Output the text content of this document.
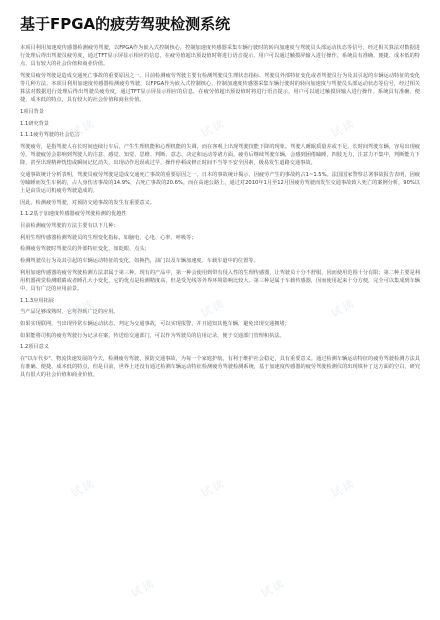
基于FPGA的疲劳驾驶检测系统

本项目利用加速度传感器检测疲劳驾驶，以FPGA作为嵌入式控制核心，控制加速度传感器采集车辆行驶时的转向加速度与驾驶员头部运动状态等信号，经过相关算法对数据进行处理后得出驾驶员疲劳度，通过TFT显示屏显示相应的信息，在疲劳值超出预设值时将进行语音提示，用户可以通过触摸屏输入进行操作。系统具有准确、便捷、成本低的特点，具有较大的社会价值和商业价值。

驾驶员疲劳驾驶是造成交通死亡事故的重要原因之一。目前检测疲劳驾驶主要有检测驾驶员生理状态指标、驾驶员外部特征变化或者驾驶员行为及其引起的车辆运动特征的变化等几种方法。本项目利用加速度传感器检测疲劳驾驶，以FPGA作为嵌入式控制核心，控制加速度传感器采集车辆行驶时的转向加速度与驾驶员头部运动状态等信号，经过相关算法对数据进行处理后得出驾驶员疲劳度，通过TFT显示屏显示相应的信息，在疲劳值超出预设值时将进行语音提示，用户可以通过触摸屏输入进行操作。系统具有准确、便捷、成本低的特点，具有较大的社会价值和商业价值。

1项目背景

1.1研究背景

1.1.1疲劳驾驶的社会危害

驾驶疲劳，是指驾驶人在长时间连续行车后，产生生理机能和心理机能的失调，而在客观上出现驾驶技能下降的现象。驾驶人睡眠质量差或不足，长时间驾驶车辆，容易出现疲劳。驾驶疲劳会影响到驾驶人的注意、感觉、知觉、思维、判断、意志、决定和运动等诸方面。疲劳后继续驾驶车辆，会感到困倦瞌睡，四肢无力，注意力不集中，判断能力下降，甚至出现精神恍惚或瞬间记忆消失，出现动作迟误或过早，操作停顿或修正时间不当等不安全因素，极易发生道路交通事故。

交通事故统计分析表明，驾驶员疲劳驾驶是造成交通死亡事故的重要原因之一。日本的事故统计揭示，因疲劳产生的事故约占1~1.5%。法国国家警察总署事故报告表明，因疲劳瞌睡而发生车祸的，占人身伤害事故的14.9%，占死亡事故的20.6%。而在高速公路上，通过对2010年1月至12月因疲劳驾驶而发生交通事故致人死亡的案例分析，90%以上是由货运司机疲劳驾驶造成的。

因此，检测疲劳驾驶，对预防交通事故的发生有重要意义。

1.1.2基于加速度传感器疲劳驾驶检测的优越性

目前检测疲劳驾驶的方法主要有以下几种：

利用生理传感器检测驾驶员的生理变化指标，如脑电、心电、心率、呼吸等；

检测疲劳驾驶时驾驶员的外部特征变化，如眨眼、点头；

检测驾驶员行为及其引起的车辆运动特征的变化，如换挡，油门以及车辆加速度、车载车道中的位置等。

利用加速传感器的疲劳驾驶检测方法隶属于第三种。现有的产品中，第一种会使用到带有侵入性的生理传感器，让驾驶员十分不舒服，因而使用范围十分有限；第二种主要是利用机器视觉检测眼睛或者睡孔大小变化，它的优点是检测精度高，但是受光线等外界环境影响比较大。第三种是属于车载传感器，因而使用起来十分方便，完全可以集成到车辆中，具有广泛的应用前景。

1.1.3应用拓展

当产品足够成熟时，它将得到广泛的应用。

如果实现联网，当出现异常车辆运动状态，判定为交通事故，可以实现报警，并且通知其他车辆，避免出现交通拥堵；

如果能将司机的疲劳驾驶行为记录在案，传送给交通部门，可以作为驾驶员的信用记录，便于交通部门管理和执法。

1.2项目意义

在"以车代步"、物流快速发展的今天，检测疲劳驾驶，预防交通事故，为每一个家庭护航，有利于维护社会稳定，具有重要意义。通过检测车辆运动特征的疲劳驾驶检测方法具有准确、便捷、成本低的特点，但是目前，世界上还没有通过检测车辆运动特征检测疲劳驾驶检测系统，基于加速度传感器的疲劳驾驶检测仪的出现填补了这方面的空白，研究具有很大的社会价值和商业价值。

试读	试读	试读
试读	试读	试读
试读	试读	试读
试读	试读
